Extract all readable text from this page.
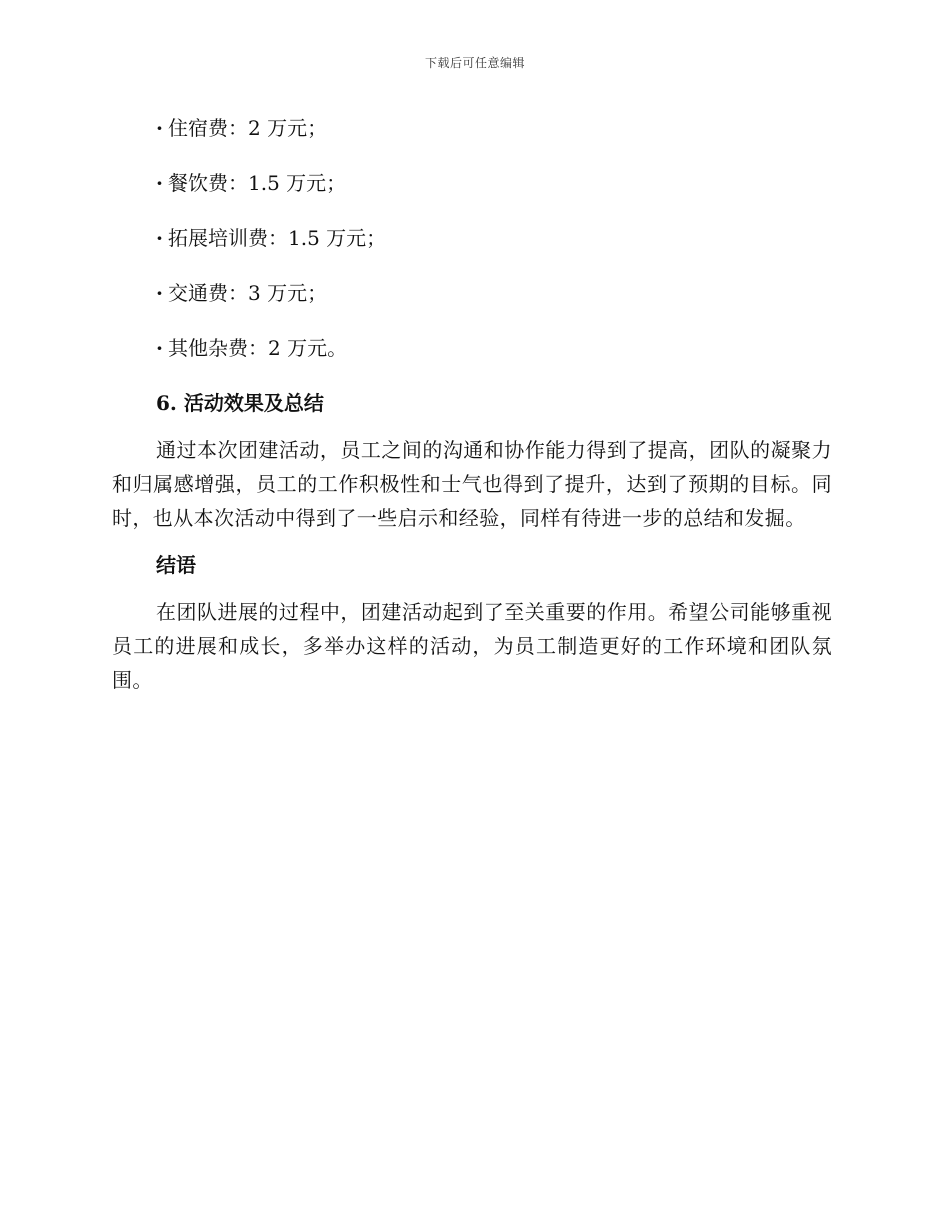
下载后可任意编辑
· 住宿费：2 万元；
· 餐饮费：1.5 万元；
· 拓展培训费：1.5 万元；
· 交通费：3 万元；
· 其他杂费：2 万元。
6. 活动效果及总结

通过本次团建活动，员工之间的沟通和协作能力得到了提高，团队的凝聚力和归属感增强，员工的工作积极性和士气也得到了提升，达到了预期的目标。同时，也从本次活动中得到了一些启示和经验，同样有待进一步的总结和发掘。

结语

在团队进展的过程中，团建活动起到了至关重要的作用。希望公司能够重视员工的进展和成长，多举办这样的活动，为员工制造更好的工作环境和团队氛围。
